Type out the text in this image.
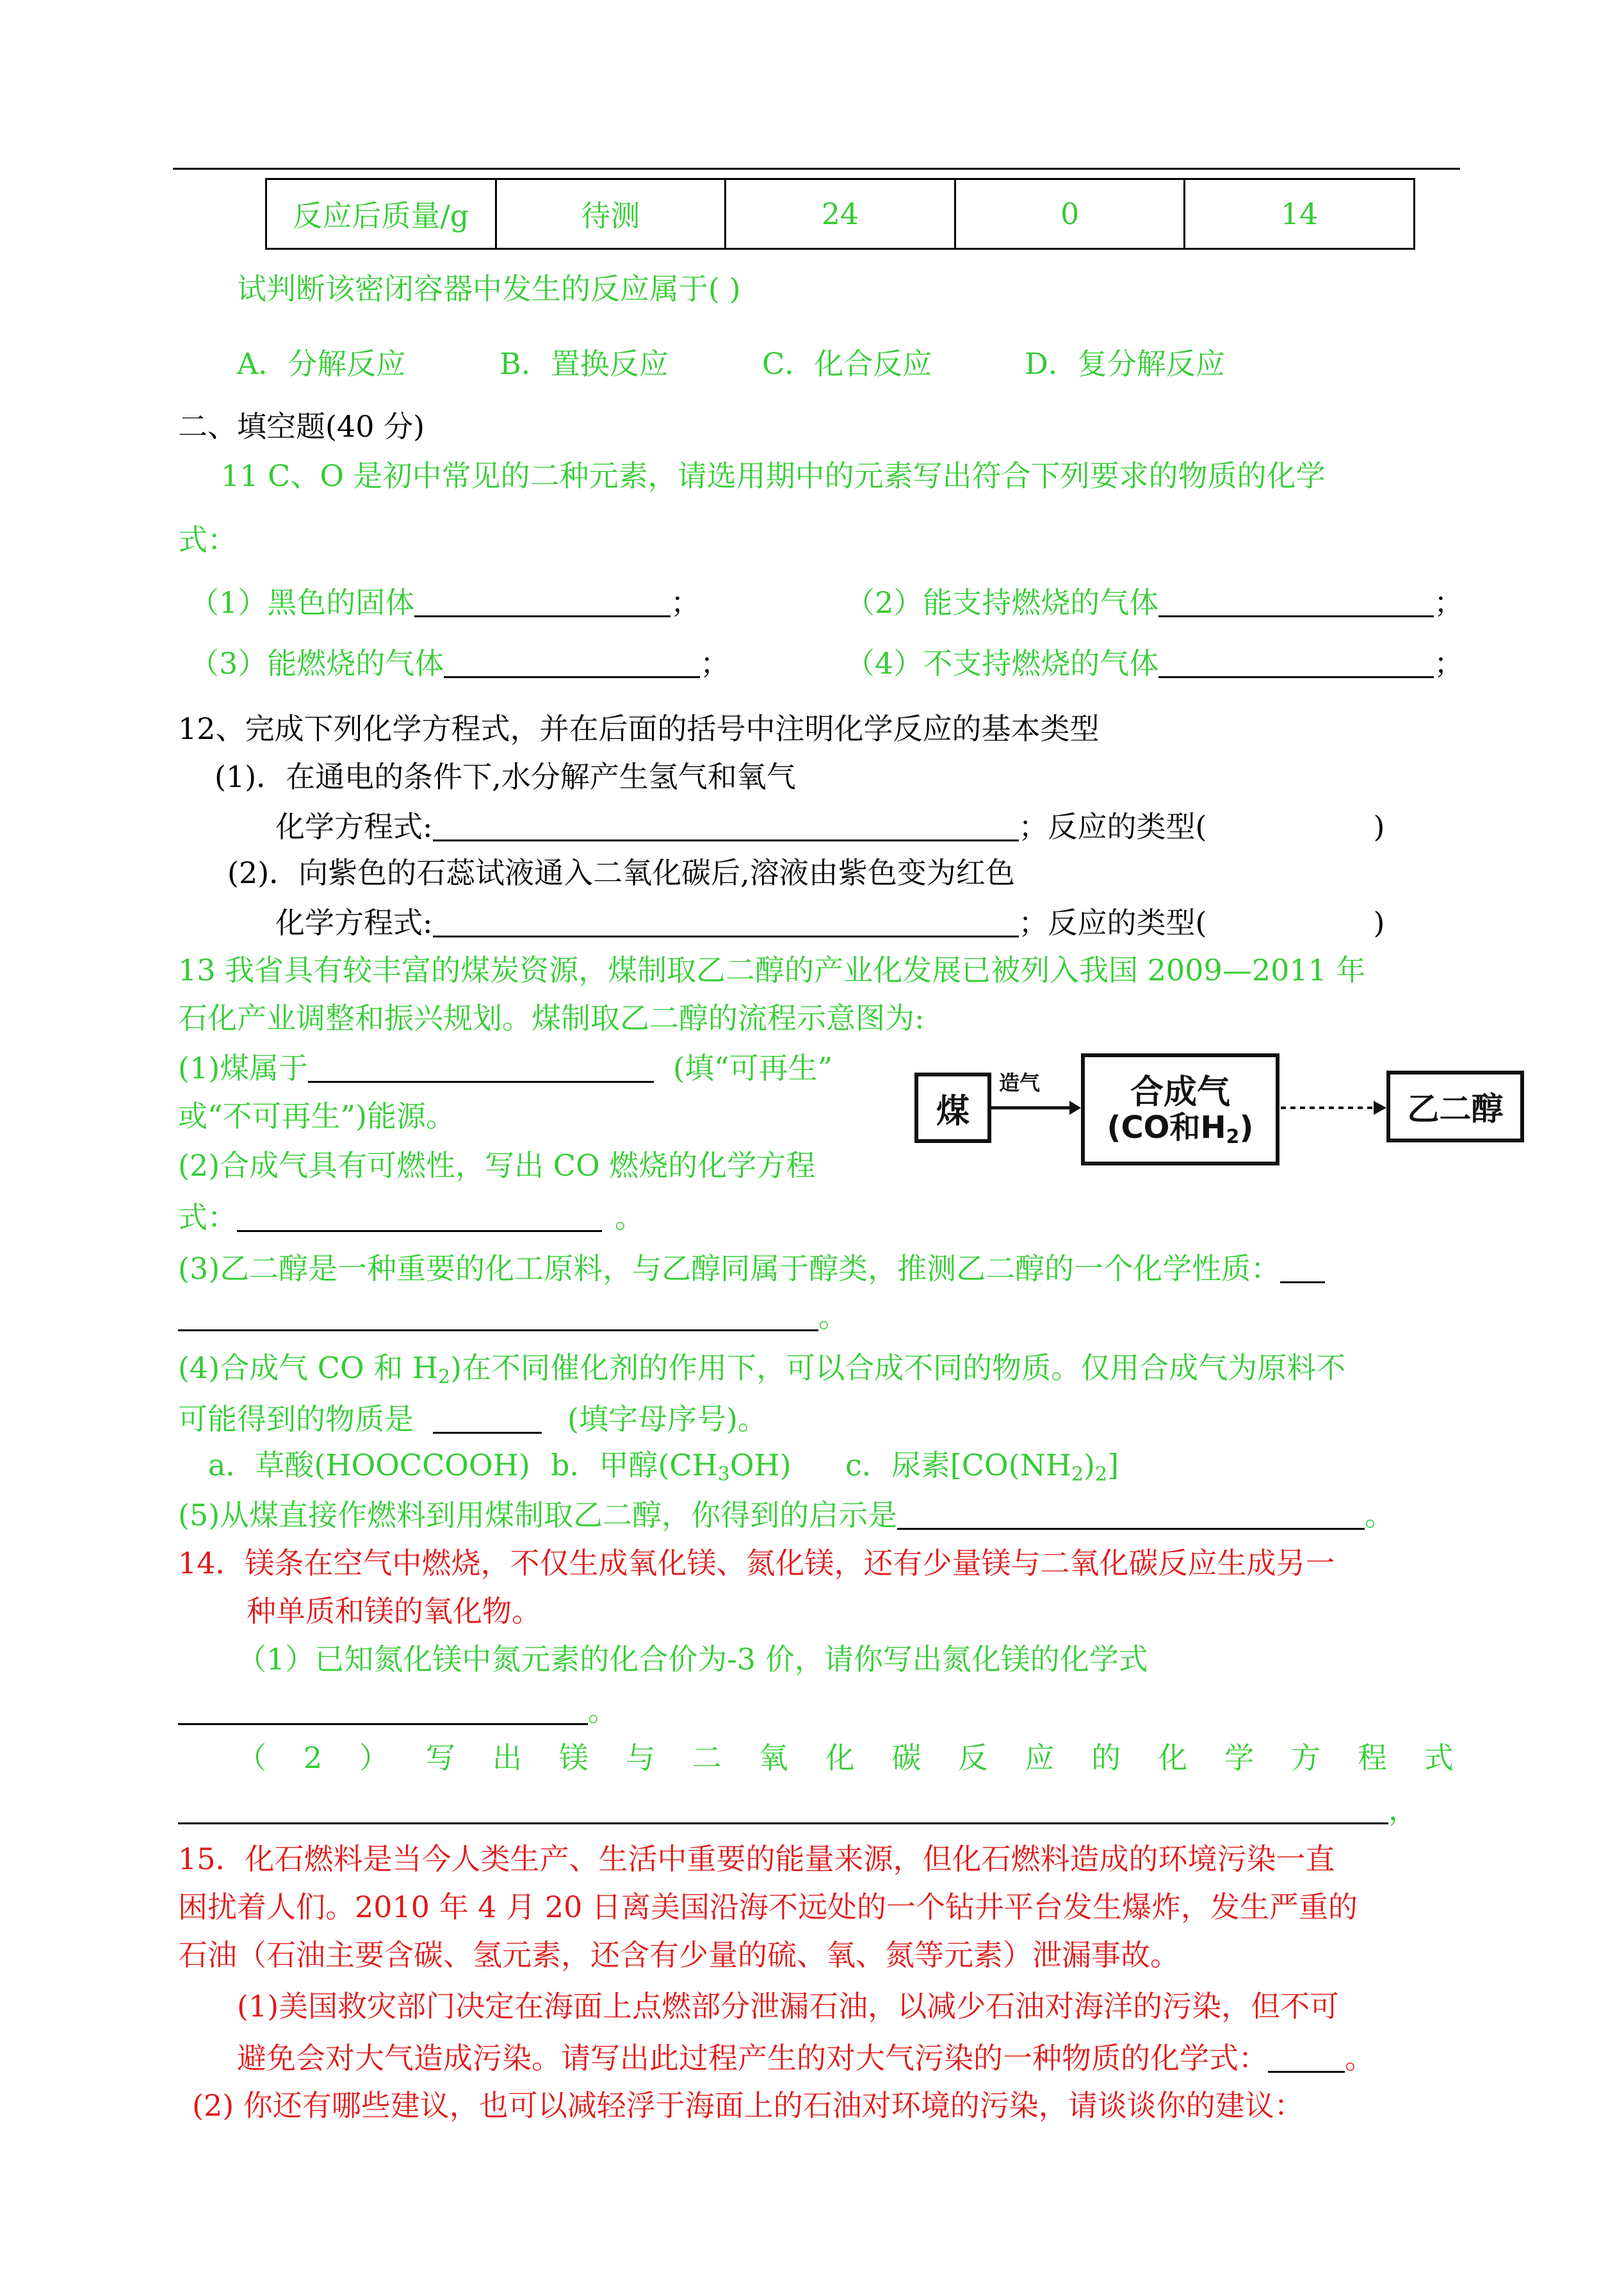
反应后质量/g	待测	24	0	14
试判断该密闭容器中发生的反应属于( )
A．分解反应	B．置换反应	C．化合反应	D．复分解反应
二、填空题(40 分)
11 C、O 是初中常见的二种元素，请选用期中的元素写出符合下列要求的物质的化学
式：
（1）黑色的固体	；	（2）能支持燃烧的气体	；
（3）能燃烧的气体	；	（4）不支持燃烧的气体	；
12、完成下列化学方程式，并在后面的括号中注明化学反应的基本类型
(1)．在通电的条件下,水分解产生氢气和氧气
化学方程式:	；反应的类型(	)
(2)．向紫色的石蕊试液通入二氧化碳后,溶液由紫色变为红色
化学方程式:	；反应的类型(	)
13 我省具有较丰富的煤炭资源，煤制取乙二醇的产业化发展已被列入我国 2009—2011 年
石化产业调整和振兴规划。煤制取乙二醇的流程示意图为:
(1)煤属于	(填“可再生”
或“不可再生”)能源。
(2)合成气具有可燃性，写出 CO 燃烧的化学方程
式：	。
(3)乙二醇是一种重要的化工原料，与乙醇同属于醇类，推测乙二醇的一个化学性质：
。
(4)合成气 CO 和 $H_2$)在不同催化剂的作用下，可以合成不同的物质。仅用合成气为原料不
可能得到的物质是	(填字母序号)。
a．草酸(HOOCCOOH) b．甲醇$(CH_3OH)$ c．尿素$[CO(NH_2)_2]$
(5)从煤直接作燃料到用煤制取乙二醇，你得到的启示是	。
煤
造气	合成气
(CO和$H_2$)	乙二醇
14．镁条在空气中燃烧，不仅生成氧化镁、氮化镁，还有少量镁与二氧化碳反应生成另一
种单质和镁的氧化物。
（1）已知氮化镁中氮元素的化合价为-3 价，请你写出氮化镁的化学式
。
（ 2 ） 写 出 镁 与 二 氧 化 碳 反 应 的 化 学 方 程 式
，
15．化石燃料是当今人类生产、生活中重要的能量来源，但化石燃料造成的环境污染一直
困扰着人们。2010 年 4 月 20 日离美国沿海不远处的一个钻井平台发生爆炸，发生严重的
石油（石油主要含碳、氢元素，还含有少量的硫、氧、氮等元素）泄漏事故。
(1)美国救灾部门决定在海面上点燃部分泄漏石油，以减少石油对海洋的污染，但不可
避免会对大气造成污染。请写出此过程产生的对大气污染的一种物质的化学式：	。
(2) 你还有哪些建议，也可以减轻浮于海面上的石油对环境的污染，请谈谈你的建议：
